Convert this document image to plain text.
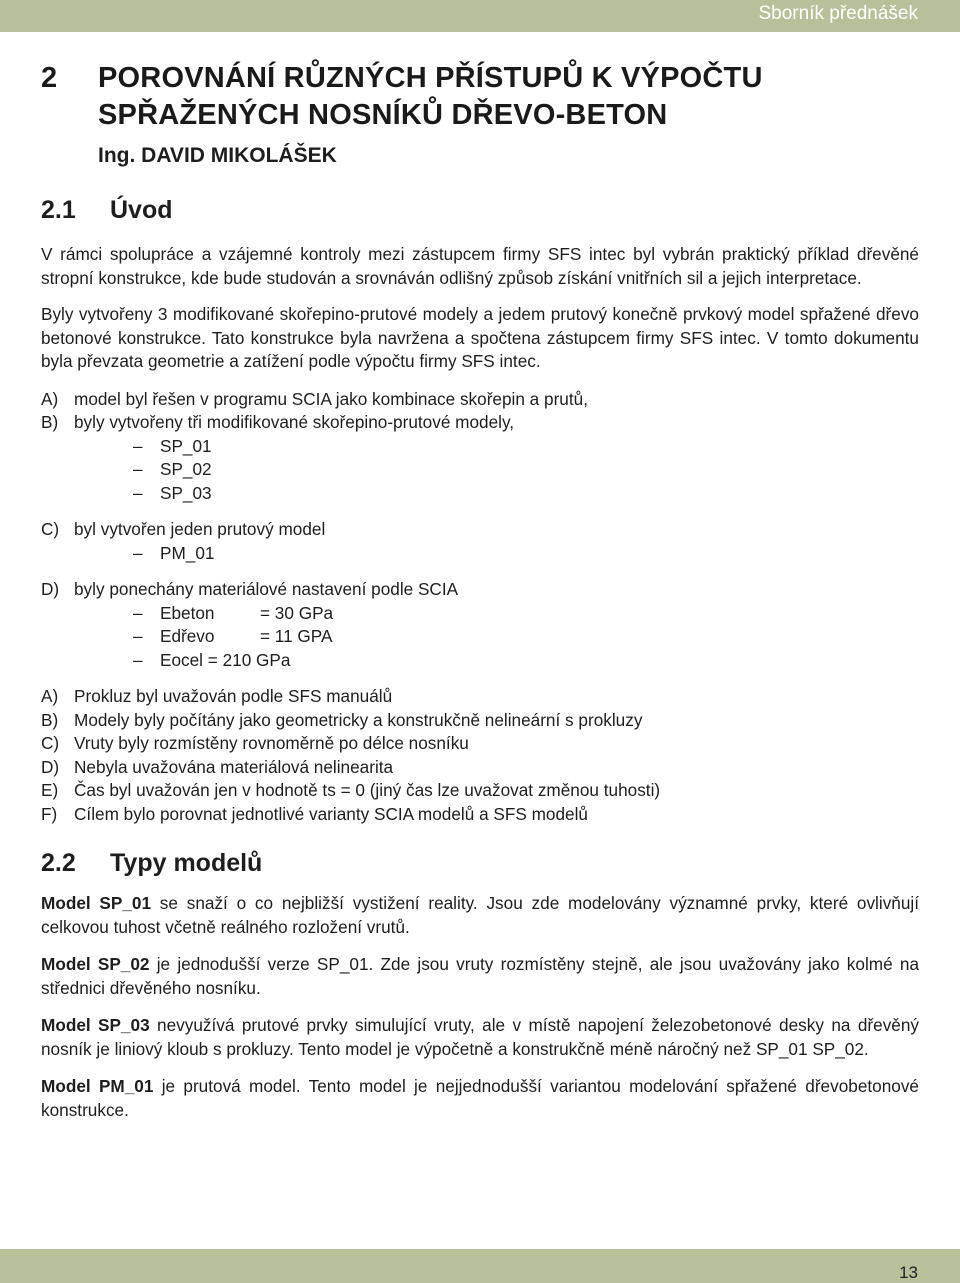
Sborník přednášek
2	POROVNÁNÍ RŮZNÝCH PŘÍSTUPŮ K VÝPOČTU
SPŘAŽENÝCH NOSNÍKŮ DŘEVO-BETON
Ing. DAVID MIKOLÁŠEK
2.1	Úvod

V rámci spolupráce a vzájemné kontroly mezi zástupcem firmy SFS intec byl vybrán praktický příklad dřevěné stropní konstrukce, kde bude studován a srovnáván odlišný způsob získání vnitřních sil a jejich interpretace.

Byly vytvořeny 3 modifikované skořepino-prutové modely a jedem prutový konečně prvkový model spřažené dřevo betonové konstrukce. Tato konstrukce byla navržena a spočtena zástupcem firmy SFS intec. V tomto dokumentu byla převzata geometrie a zatížení podle výpočtu firmy SFS intec.

A) model byl řešen v programu SCIA jako kombinace skořepin a prutů,
B) byly vytvořeny tři modifikované skořepino-prutové modely,
–	SP_01
–	SP_02
–	SP_03
C) byl vytvořen jeden prutový model
–	PM_01
D) byly ponechány materiálové nastavení podle SCIA
–	Ebeton	= 30 GPa
–	Edřevo	= 11 GPA
–	Eocel = 210 GPa
A) Prokluz byl uvažován podle SFS manuálů
B) Modely byly počítány jako geometricky a konstrukčně nelineární s prokluzy
C) Vruty byly rozmístěny rovnoměrně po délce nosníku
D) Nebyla uvažována materiálová nelinearita
E) Čas byl uvažován jen v hodnotě ts = 0 (jiný čas lze uvažovat změnou tuhosti)
F) Cílem bylo porovnat jednotlivé varianty SCIA modelů a SFS modelů
2.2	Typy modelů

Model SP_01 se snaží o co nejbližší vystižení reality. Jsou zde modelovány významné prvky, které ovlivňují celkovou tuhost včetně reálného rozložení vrutů.

Model SP_02 je jednodušší verze SP_01. Zde jsou vruty rozmístěny stejně, ale jsou uvažovány jako kolmé na střednici dřevěného nosníku.

Model SP_03 nevyužívá prutové prvky simulující vruty, ale v místě napojení železobetonové desky na dřevěný nosník je liniový kloub s prokluzy. Tento model je výpočetně a konstrukčně méně náročný než SP_01 SP_02.

Model PM_01 je prutová model. Tento model je nejjednodušší variantou modelování spřažené dřevobetonové konstrukce.

13
